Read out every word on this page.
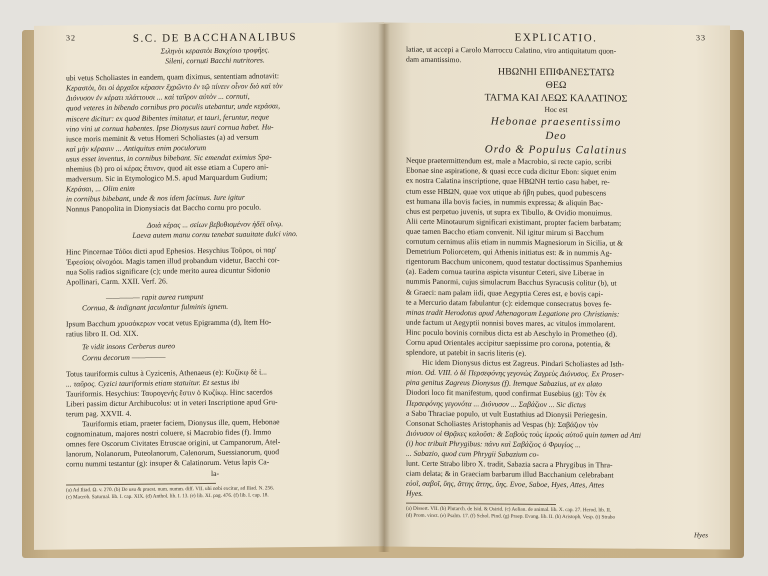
32	S.C. DE BACCHANALIBUS
Σιληνὸι κεραστὸι Βακχίοιο τροφῆες.
Sileni, cornuti Bacchi nutritores.
ubi vetus Scholiastes in eandem, quam diximus, sententiam adnotavit:
Κεραστὸι, ὅτι οἱ ἀρχαῖοι κέρασιν ἔχρῶντο ἐν τῷ πίνειν οἶνον διὸ καὶ τὸν
Διόνυσον ἐν κέρατι πλάττουσι ... καὶ ταῦρον αὐτὸν ... cornuti,
quod veteres in bibendo cornibus pro poculis utebantur, unde κεράσαι,
miscere dicitur: ex quod Bibentes imitatur, et tauri, feruntur, neque
vino vini ut cornua habentes. Ipse Dionysus tauri cornua habet. Hu-
iusce moris meminit & vetus Homeri Scholiastes (a) ad versum
καὶ μὴν κέρασιν ... Antiquitus enim poculorum
usus esset inventus, in cornibus bibebant. Sic emendat eximius Spa-
nhemius (b) pro οἱ κέρας ἔπινον, quod ait esse etiam a Cupero ani-
madversum. Sic in Etymologico M.S. apud Marquardum Gudium;
Κεράσαι, ... Olim enim
in cornibus bibebant, unde & nos idem facimus. Iure igitur
Nonnus Panopolita in Dionysiacis dat Baccho cornu pro poculo.
Δοιὰ κέρας ... σείων βεβυθισμένον ἡδέϊ οἴνῳ.
Laeva autem manu cornu tenebat suauitate dulci vino.
Hinc Pincernae Τόῦοι dicti apud Ephesios. Hesychius Τοῦροι, οἱ παρ'
Ἐφεσίοις οἰνοχόοι. Magis tamen illud probandum videtur, Bacchi cor-
nua Solis radios significare (c); unde merito aurea dicuntur Sidonio
Apollinari, Carm. XXII. Verf. 26.
————— rapit aurea rumpunt
Cornua, & indignant jaculantur fulminis ignem.
Ipsum Bacchum χρυσόκερων vocat vetus Epigramma (d), Item Ho-
ratius libro II. Od. XIX.
Te vidit insons Cerberus aureo
Cornu decorum —————
Totus tauriformis cultus à Cyzicenis, Athenaeus (e): Κυζίκῳ δὲ ἱ...
... ταῦρος. Cyzici tauriformis etiam statuitur. Et sestus ibi
Tauriformis. Hesychius: Ταυρογενής ἔστιν ὁ Κυζίκῳ. Hinc sacerdos
Liberi passim dictur Archibucolus: ut in veteri Inscriptione apud Gru-
terum pag. XXVII. 4.
Tauriformis etiam, praeter faciem, Dionysus ille, quem, Hebonae
cognominatum, majores nostri coluere, si Macrobio fides (f). Immo
omnes fere Oscorum Civitates Etruscae origini, ut Campanorum, Atel-
lanorum, Nolanorum, Puteolanorum, Calenorum, Suessianorum, quod
cornu nummi testantur (g): insuper & Calatinorum. Vetus lapis Ca-
la-
(a) Ad Iliad. Ω. v. 270. (b) De usu & praest. num. numm. diff. VII. ubi nobi excitur, ad Iliad. N. 256.
(c) Macrob. Saturnal. lib. I. cap. XIX. (d) Anthol. lib. I. 13. (e) lib. XI. pag. 476. (f) lib. I. cap. 18.
33
EXPLICATIO.
latiae, ut accepi a Carolo Marroccu Calatino, viro antiquitatum quon-
dam amantissimo.
ΗΒΩΝΗΙ ΕΠΙΦΑΝΕΣΤΑΤΩ
ΘΕΩ
ΤΑΓΜΑ ΚΑΙ ΛΕΩΣ ΚΑΛΑΤΙΝΟΣ
Hoc est
Hebonae praesentissimo
Deo
Ordo & Populus Calatinus
Neque praetermittendum est, male a Macrobio, si recte capio, scribi
Ebonae sine aspiratione, & quasi ecce cuda dicitur Ebon: siquet enim
ex nostra Calatina inscriptione, quae ΗΒΩΝΗ tertio casu habet, re-
ctum esse ΗΒΩΝ, quae vox utique ab ἥβη pubes, quod pubescens
est humana illa bovis facies, in nummis expressa; & aliquin Bac-
chus est perpetuo juvenis, ut supra ex Tibullo, & Ovidio monuimus.
Alii certe Minotaurum significari existimant, propter faciem barbatam;
quae tamen Baccho etiam convenit. Nil igitur mirum si Bacchum
cornutum cernimus aliis etiam in nummis Magnesiorum in Sicilia, ut &
Demetrium Poliorcetem, qui Athenis initiatus est: & in nummis Ag-
rigentorum Bacchum uniconem, quod testatur doctissimus Spanhemius
(a). Eadem cornua taurina aspicta visuntur Ceteri, sive Liberae in
nummis Panormi, cujus simulacrum Bacchus Syracusis colitur (b), ut
& Graeci: nam palam iidi, quae Aegyptia Ceres est, e bovis capi-
te a Mercurio datam fabulantur (c): eidemque consecratus boves fe-
minas tradit Herodotus apud Athenagoram Legatione pro Christianis:
unde factum ut Aegyptii nonnisi boves mares, ac vitulos immolarent.
Hinc poculo bovinis cornibus dicta est ab Aeschylo in Prometheo (d).
Cornu apud Orientales accipitur saepissime pro corona, potentia, &
splendore, ut patebit in sacris literis (e).
Hic idem Dionysus dictus est Zagreus. Pindari Scholiastes ad Isth-
mion. Od. VIII. ὁ δὲ Περσεφόνης γεγονὼς Ζαγρεὺς Διόνυσος. Ex Proser-
pina genitus Zagreus Dionysus (f). Itemque Sabazius, ut ex alato
Diodori loco fit manifestum, quod confirmat Eusebius (g): Τὸν ἐκ
Περσεφόνης γεγονότα ... Διόνυσον ... Σαβάζιον ... Sic dictus
a Sabo Thraciae populo, ut vult Eustathius ad Dionysii Periegesin.
Consonat Scholiastes Aristophanis ad Vespas (h): Σαβάζιον τὸν
Διόνυσον οἱ Θρᾷκες καλοῦσι: & Σαβοὺς τοὺς ἱεροὺς αὐτοῦ quin tamen ad Atti
(i) hoc tribuit Phrygibus: πάνυ καὶ Σαβάζιος ὁ Φρυγίος ...
... Sabazio, quod cum Phrygii Sabazium co-
lunt. Certe Strabo libro X. tradit, Sabazia sacra a Phrygibus in Thra-
ciam delata; & in Graeciam barbarum illud Bacchanium celebrabant
εὐοῖ, σαβοῖ, ὕης, ἄττης ἄττης, ὕης. Evoe, Saboe, Hyes, Attes, Attes
Hyes.
(a) Dissert. VII. (b) Plutarch. de Isid. & Osirid. (c) Aelian. de animal. lib. X. cap. 27. Herod. lib. II.
(d) Prom. vinct. (e) Psalm. 17. (f) Schol. Pind. (g) Praep. Evang. lib. II. (h) Aristoph. Vesp. (i) Strabo
Hyes
